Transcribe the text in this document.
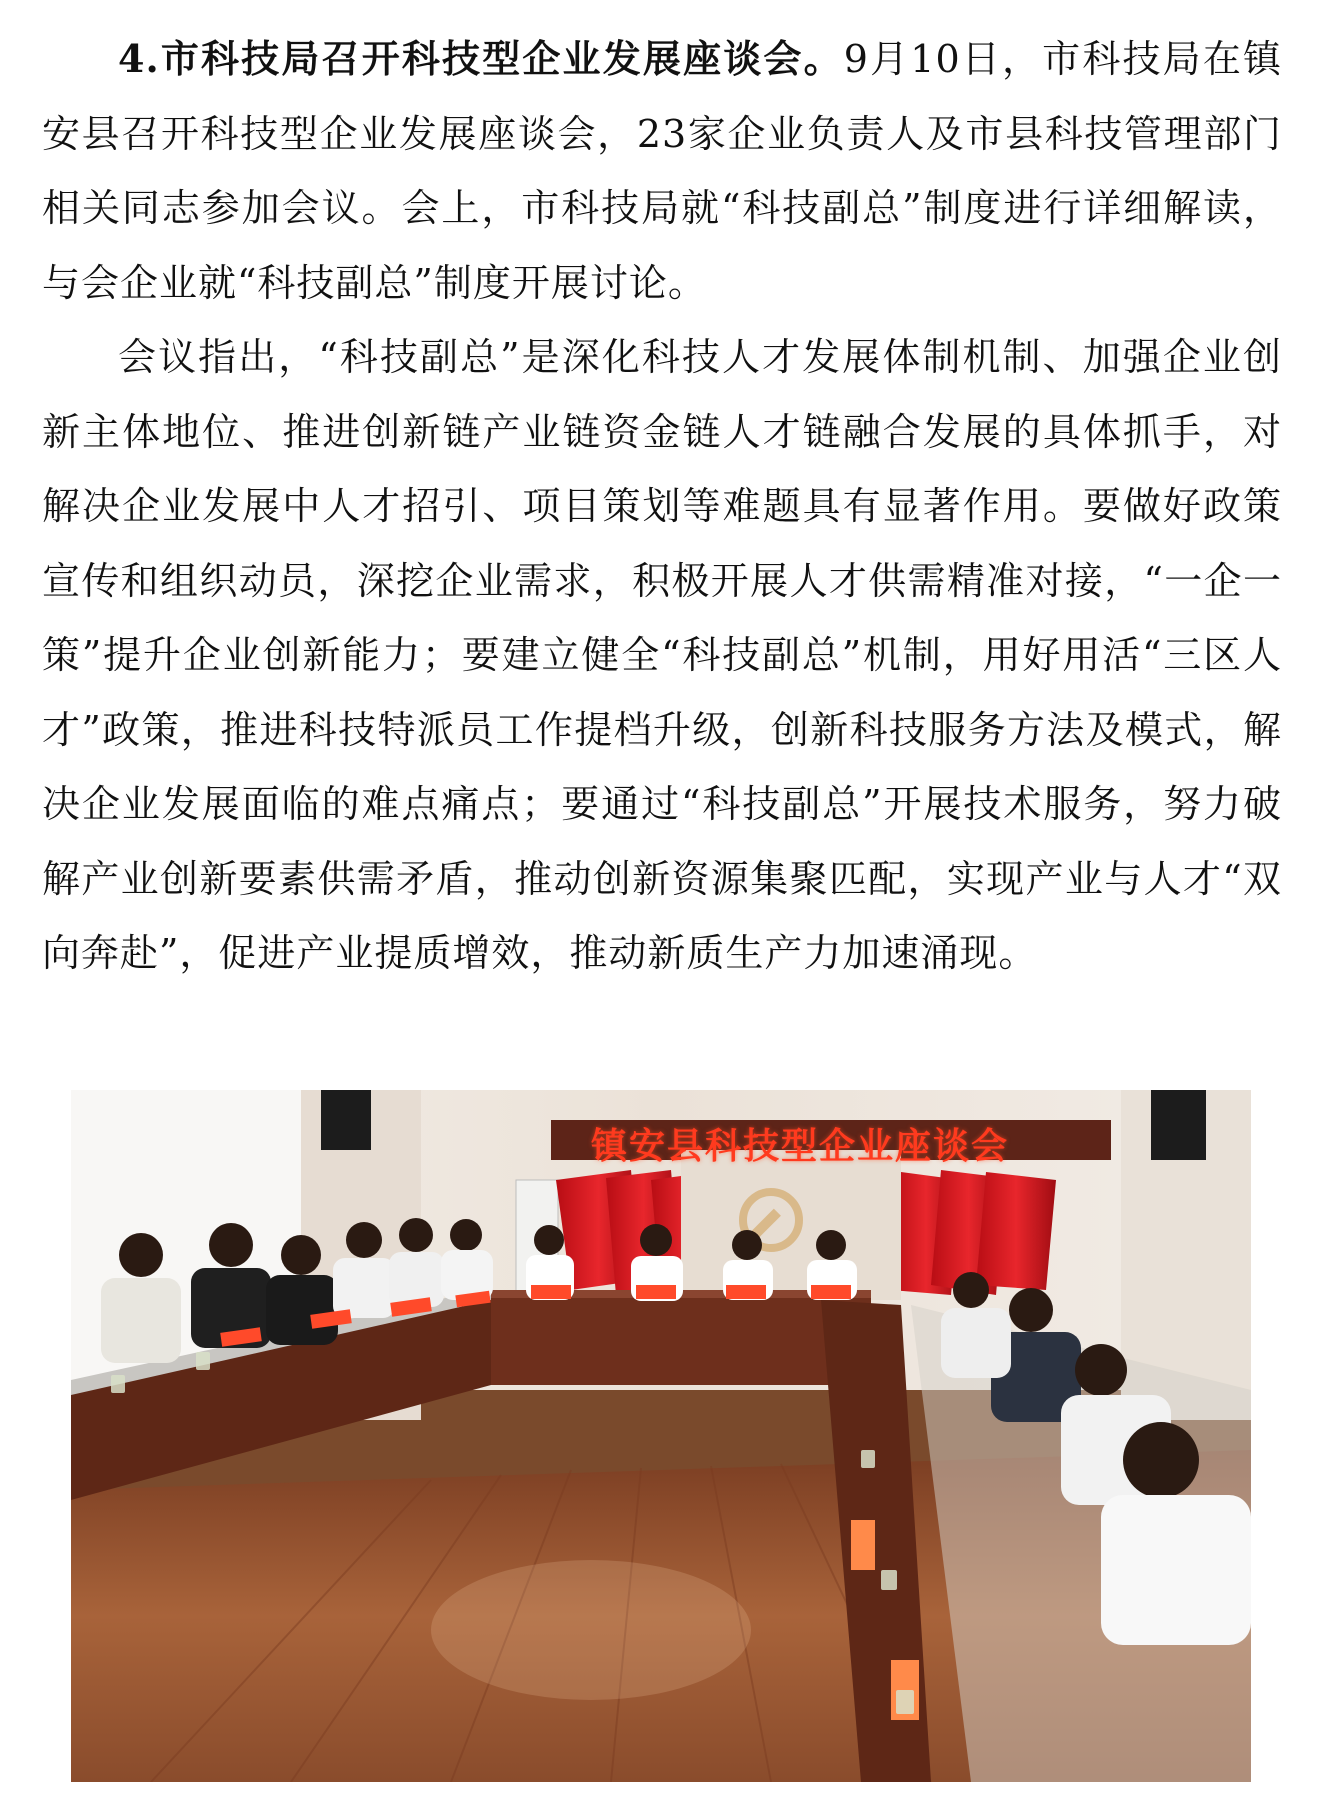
4.市科技局召开科技型企业发展座谈会。9月10日，市科技局在镇安县召开科技型企业发展座谈会，23家企业负责人及市县科技管理部门相关同志参加会议。会上，市科技局就“科技副总”制度进行详细解读，与会企业就“科技副总”制度开展讨论。

会议指出，“科技副总”是深化科技人才发展体制机制、加强企业创新主体地位、推进创新链产业链资金链人才链融合发展的具体抓手，对解决企业发展中人才招引、项目策划等难题具有显著作用。要做好政策宣传和组织动员，深挖企业需求，积极开展人才供需精准对接，“一企一策”提升企业创新能力；要建立健全“科技副总”机制，用好用活“三区人才”政策，推进科技特派员工作提档升级，创新科技服务方法及模式，解决企业发展面临的难点痛点；要通过“科技副总”开展技术服务，努力破解产业创新要素供需矛盾，推动创新资源集聚匹配，实现产业与人才“双向奔赴”，促进产业提质增效，推动新质生产力加速涌现。

镇安县科技型企业座谈会
